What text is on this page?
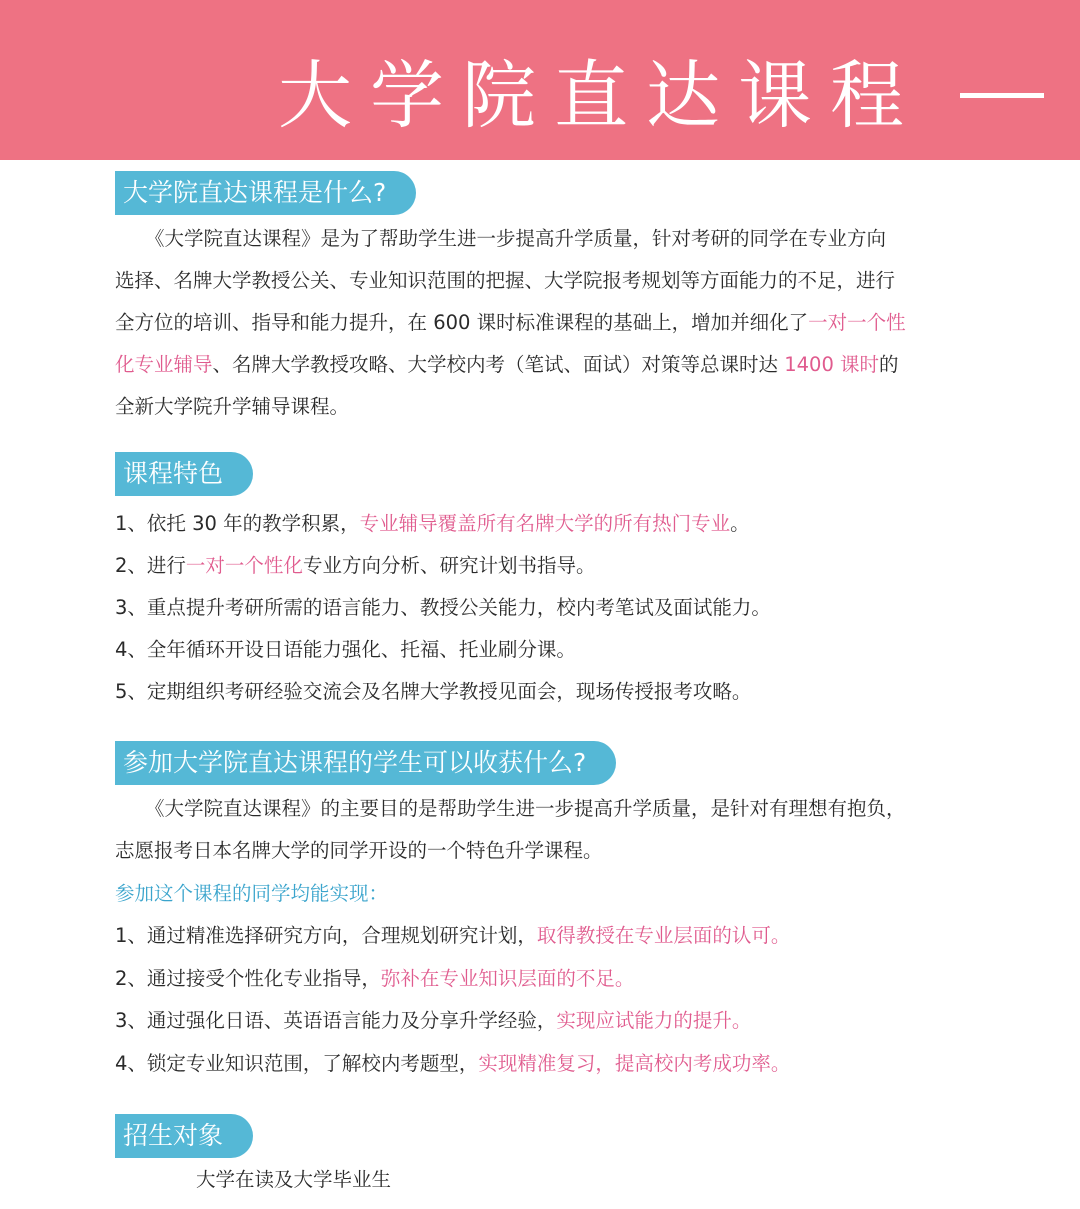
大学院直达课程
大学院直达课程是什么?
《大学院直达课程》是为了帮助学生进一步提高升学质量，针对考研的同学在专业方向
选择、名牌大学教授公关、专业知识范围的把握、大学院报考规划等方面能力的不足，进行
全方位的培训、指导和能力提升，在 600 课时标准课程的基础上，增加并细化了一对一个性
化专业辅导、名牌大学教授攻略、大学校内考（笔试、面试）对策等总课时达 1400 课时的
全新大学院升学辅导课程。
课程特色
1、依托 30 年的教学积累，专业辅导覆盖所有名牌大学的所有热门专业。
2、进行一对一个性化专业方向分析、研究计划书指导。
3、重点提升考研所需的语言能力、教授公关能力，校内考笔试及面试能力。
4、全年循环开设日语能力强化、托福、托业刷分课。
5、定期组织考研经验交流会及名牌大学教授见面会，现场传授报考攻略。
参加大学院直达课程的学生可以收获什么?
《大学院直达课程》的主要目的是帮助学生进一步提高升学质量，是针对有理想有抱负，
志愿报考日本名牌大学的同学开设的一个特色升学课程。
参加这个课程的同学均能实现：
1、通过精准选择研究方向，合理规划研究计划，取得教授在专业层面的认可。
2、通过接受个性化专业指导，弥补在专业知识层面的不足。
3、通过强化日语、英语语言能力及分享升学经验，实现应试能力的提升。
4、锁定专业知识范围，了解校内考题型，实现精准复习，提高校内考成功率。
招生对象
大学在读及大学毕业生
